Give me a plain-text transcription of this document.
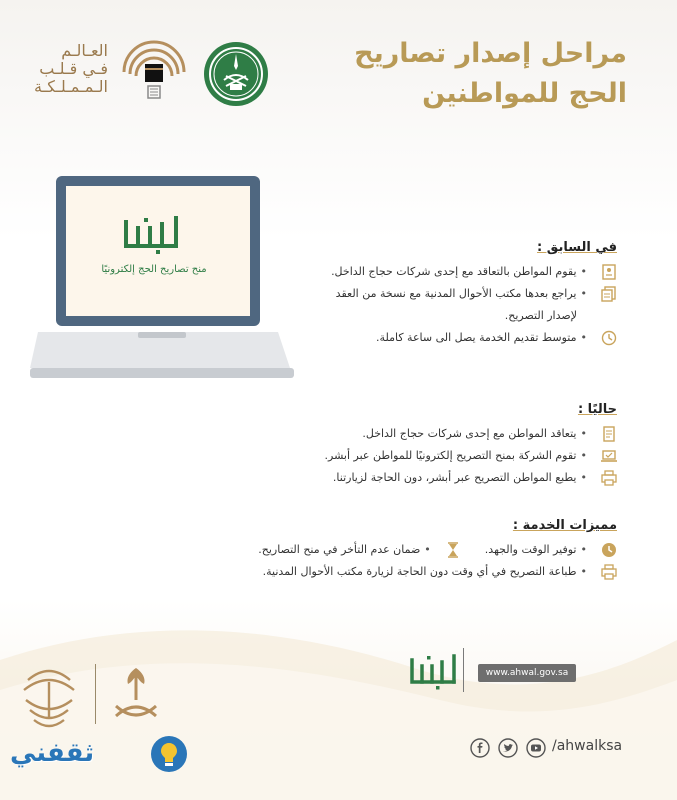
مراحل إصدار تصاريح
الحج للمواطنين
العـالـم
فـي قـلـب
الـمـمـلـكـة
منح تصاريح الحج إلكترونيًا
في السابق :
•يقوم المواطن بالتعاقد مع إحدى شركات حجاج الداخل.
•يراجع بعدها مكتب الأحوال المدنية مع نسخة من العقد
لإصدار التصريح.
•متوسط تقديم الخدمة يصل الى ساعة كاملة.
حاليًا :
•يتعاقد المواطن مع إحدى شركات حجاج الداخل.
•تقوم الشركة بمنح التصريح إلكترونيًا للمواطن عبر أبشر.
•يطبع المواطن التصريح عبر أبشر، دون الحاجة لزيارتنا.
مميزات الخدمة :
•توفير الوقت والجهد.
•ضمان عدم التأخر في منح التصاريح.
•طباعة التصريح في أي وقت دون الحاجة لزيارة مكتب الأحوال المدنية.
www.ahwal.gov.sa
/ahwalksa
ثقفني
